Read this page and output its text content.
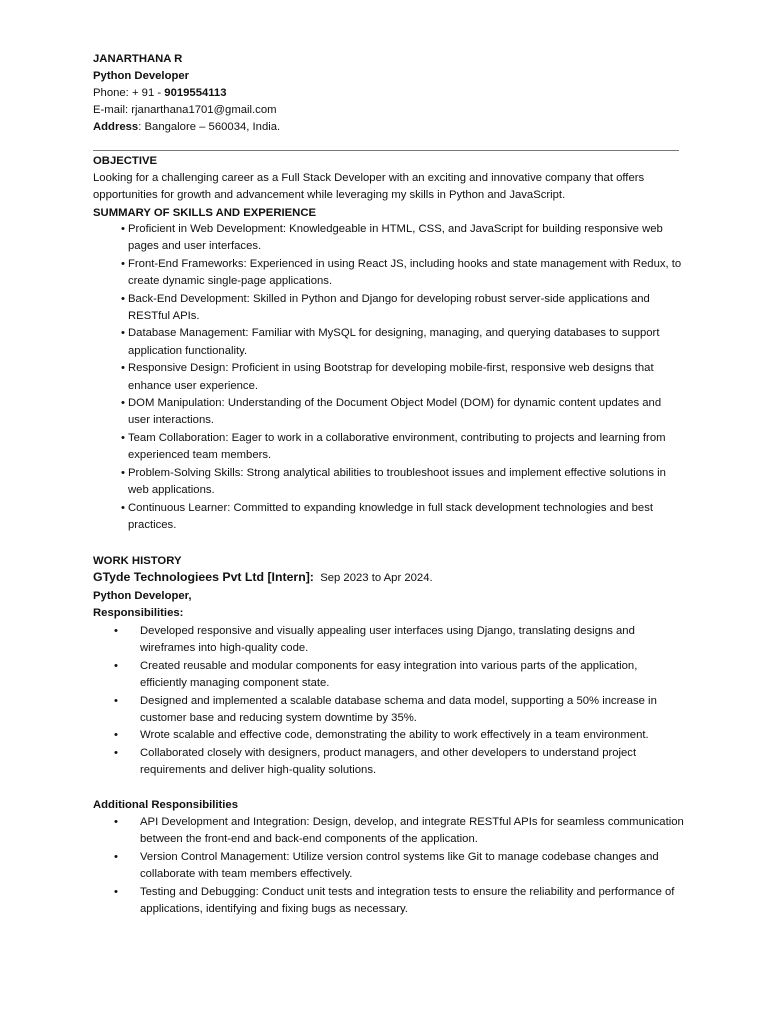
JANARTHANA R
Python Developer
Phone: + 91 - 9019554113
E-mail: rjanarthana1701@gmail.com
Address: Bangalore – 560034, India.
OBJECTIVE
Looking for a challenging career as a Full Stack Developer with an exciting and innovative company that offers opportunities for growth and advancement while leveraging my skills in Python and JavaScript.
SUMMARY OF SKILLS AND EXPERIENCE
• Proficient in Web Development: Knowledgeable in HTML, CSS, and JavaScript for building responsive web pages and user interfaces.
• Front-End Frameworks: Experienced in using React JS, including hooks and state management with Redux, to create dynamic single-page applications.
• Back-End Development: Skilled in Python and Django for developing robust server-side applications and RESTful APIs.
• Database Management: Familiar with MySQL for designing, managing, and querying databases to support application functionality.
• Responsive Design: Proficient in using Bootstrap for developing mobile-first, responsive web designs that enhance user experience.
• DOM Manipulation: Understanding of the Document Object Model (DOM) for dynamic content updates and user interactions.
• Team Collaboration: Eager to work in a collaborative environment, contributing to projects and learning from experienced team members.
• Problem-Solving Skills: Strong analytical abilities to troubleshoot issues and implement effective solutions in web applications.
• Continuous Learner: Committed to expanding knowledge in full stack development technologies and best practices.
WORK HISTORY
GTyde Technologiees Pvt Ltd [Intern]: Sep 2023 to Apr 2024.
Python Developer,
Responsibilities:
• Developed responsive and visually appealing user interfaces using Django, translating designs and wireframes into high-quality code.
• Created reusable and modular components for easy integration into various parts of the application, efficiently managing component state.
• Designed and implemented a scalable database schema and data model, supporting a 50% increase in customer base and reducing system downtime by 35%.
• Wrote scalable and effective code, demonstrating the ability to work effectively in a team environment.
• Collaborated closely with designers, product managers, and other developers to understand project requirements and deliver high-quality solutions.
Additional Responsibilities
• API Development and Integration: Design, develop, and integrate RESTful APIs for seamless communication between the front-end and back-end components of the application.
• Version Control Management: Utilize version control systems like Git to manage codebase changes and collaborate with team members effectively.
• Testing and Debugging: Conduct unit tests and integration tests to ensure the reliability and performance of applications, identifying and fixing bugs as necessary.
